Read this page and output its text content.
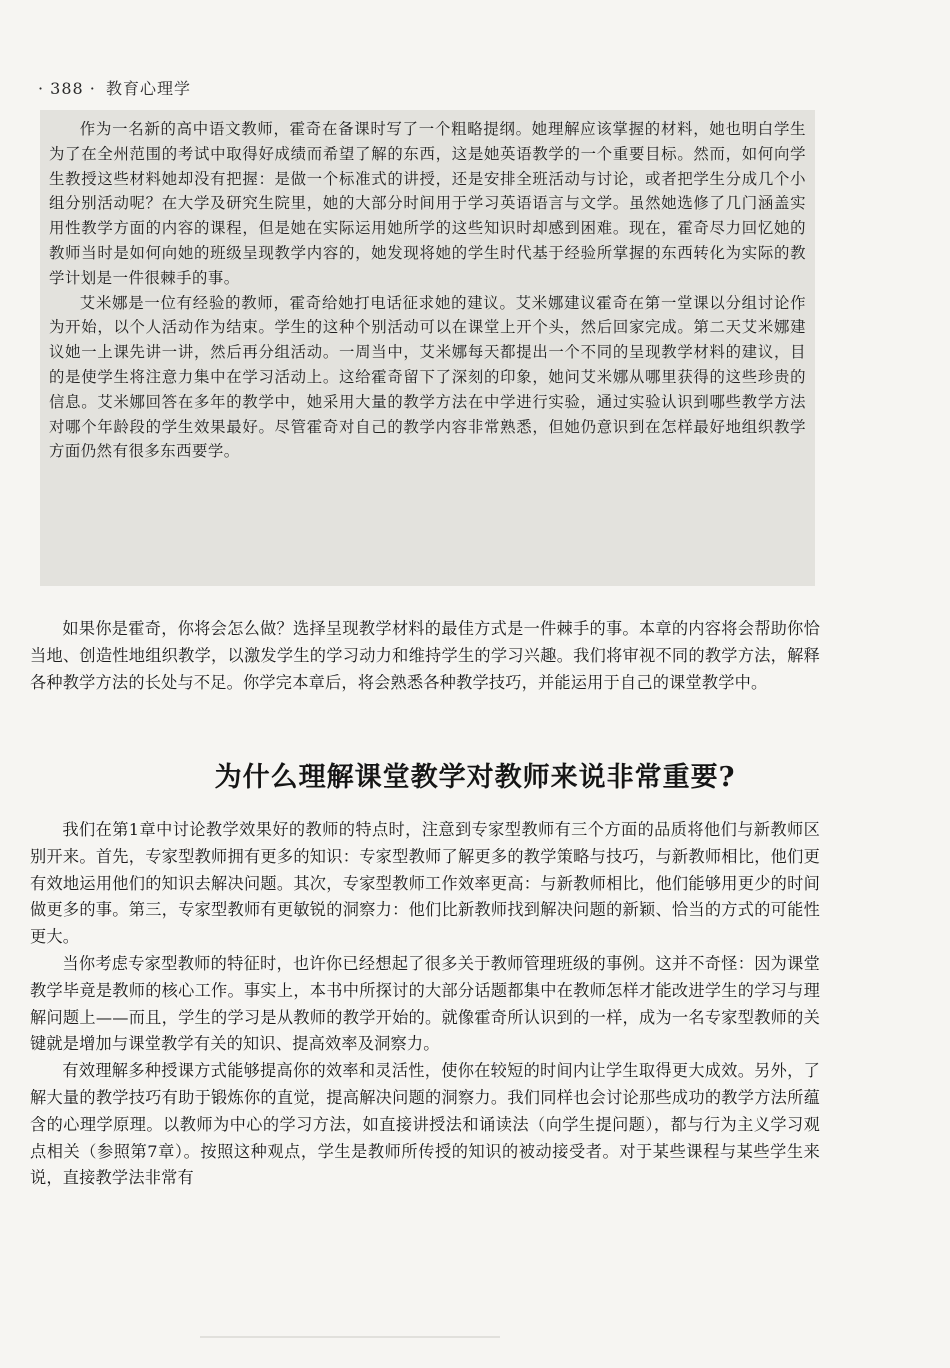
· 388 · 教育心理学

作为一名新的高中语文教师，霍奇在备课时写了一个粗略提纲。她理解应该掌握的材料，她也明白学生为了在全州范围的考试中取得好成绩而希望了解的东西，这是她英语教学的一个重要目标。然而，如何向学生教授这些材料她却没有把握：是做一个标准式的讲授，还是安排全班活动与讨论，或者把学生分成几个小组分别活动呢？在大学及研究生院里，她的大部分时间用于学习英语语言与文学。虽然她选修了几门涵盖实用性教学方面的内容的课程，但是她在实际运用她所学的这些知识时却感到困难。现在，霍奇尽力回忆她的教师当时是如何向她的班级呈现教学内容的，她发现将她的学生时代基于经验所掌握的东西转化为实际的教学计划是一件很棘手的事。

艾米娜是一位有经验的教师，霍奇给她打电话征求她的建议。艾米娜建议霍奇在第一堂课以分组讨论作为开始，以个人活动作为结束。学生的这种个别活动可以在课堂上开个头，然后回家完成。第二天艾米娜建议她一上课先讲一讲，然后再分组活动。一周当中，艾米娜每天都提出一个不同的呈现教学材料的建议，目的是使学生将注意力集中在学习活动上。这给霍奇留下了深刻的印象，她问艾米娜从哪里获得的这些珍贵的信息。艾米娜回答在多年的教学中，她采用大量的教学方法在中学进行实验，通过实验认识到哪些教学方法对哪个年龄段的学生效果最好。尽管霍奇对自己的教学内容非常熟悉，但她仍意识到在怎样最好地组织教学方面仍然有很多东西要学。

如果你是霍奇，你将会怎么做？选择呈现教学材料的最佳方式是一件棘手的事。本章的内容将会帮助你恰当地、创造性地组织教学，以激发学生的学习动力和维持学生的学习兴趣。我们将审视不同的教学方法，解释各种教学方法的长处与不足。你学完本章后，将会熟悉各种教学技巧，并能运用于自己的课堂教学中。

为什么理解课堂教学对教师来说非常重要?

我们在第1章中讨论教学效果好的教师的特点时，注意到专家型教师有三个方面的品质将他们与新教师区别开来。首先，专家型教师拥有更多的知识：专家型教师了解更多的教学策略与技巧，与新教师相比，他们更有效地运用他们的知识去解决问题。其次，专家型教师工作效率更高：与新教师相比，他们能够用更少的时间做更多的事。第三，专家型教师有更敏锐的洞察力：他们比新教师找到解决问题的新颖、恰当的方式的可能性更大。

当你考虑专家型教师的特征时，也许你已经想起了很多关于教师管理班级的事例。这并不奇怪：因为课堂教学毕竟是教师的核心工作。事实上，本书中所探讨的大部分话题都集中在教师怎样才能改进学生的学习与理解问题上——而且，学生的学习是从教师的教学开始的。就像霍奇所认识到的一样，成为一名专家型教师的关键就是增加与课堂教学有关的知识、提高效率及洞察力。

有效理解多种授课方式能够提高你的效率和灵活性，使你在较短的时间内让学生取得更大成效。另外，了解大量的教学技巧有助于锻炼你的直觉，提高解决问题的洞察力。我们同样也会讨论那些成功的教学方法所蕴含的心理学原理。以教师为中心的学习方法，如直接讲授法和诵读法（向学生提问题），都与行为主义学习观点相关（参照第7章）。按照这种观点，学生是教师所传授的知识的被动接受者。对于某些课程与某些学生来说，直接教学法非常有
